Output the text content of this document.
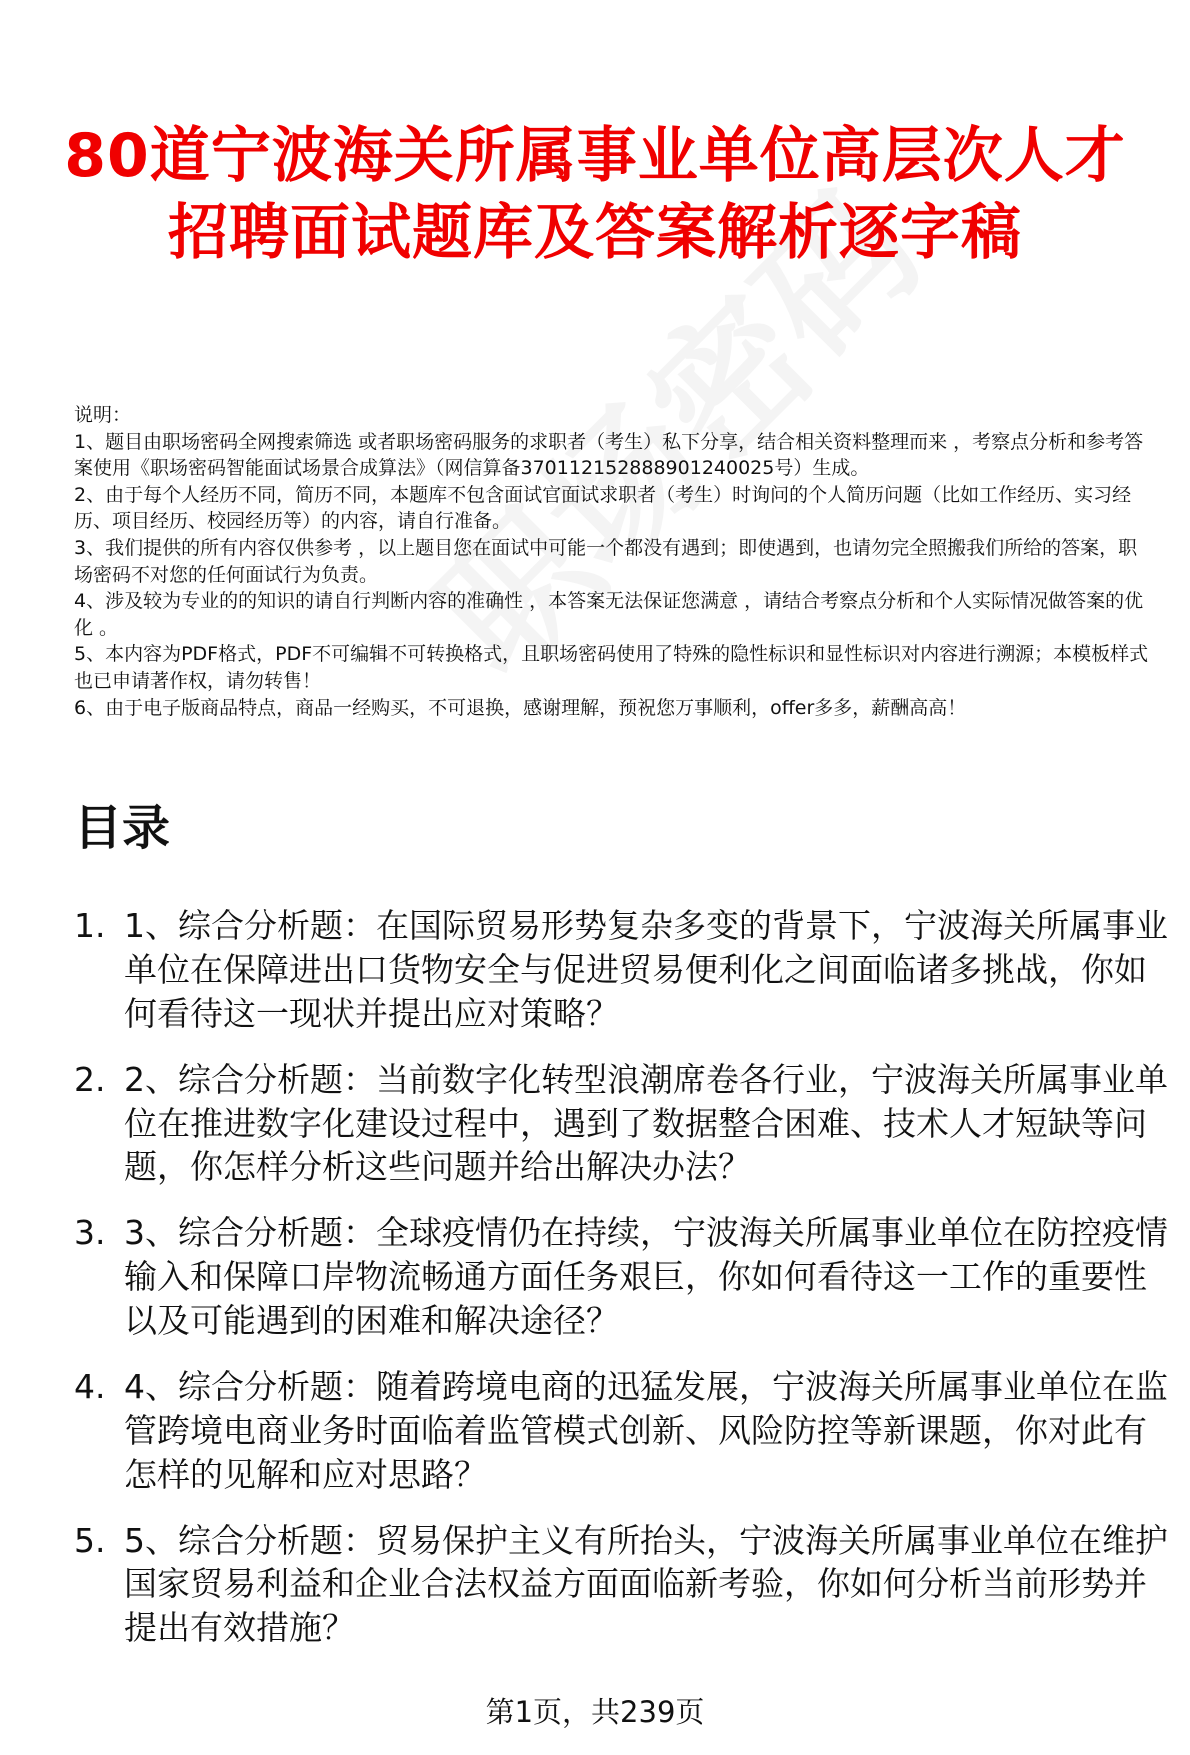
80道宁波海关所属事业单位高层次人才招聘面试题库及答案解析逐字稿

说明：

1、题目由职场密码全网搜索筛选 或者职场密码服务的求职者（考生）私下分享，结合相关资料整理而来 ，考察点分析和参考答案使用《职场密码智能面试场景合成算法》（网信算备370112152888901240025号）生成。

2、由于每个人经历不同，简历不同，本题库不包含面试官面试求职者（考生）时询问的个人简历问题（比如工作经历、实习经历、项目经历、校园经历等）的内容，请自行准备。

3、我们提供的所有内容仅供参考 ，以上题目您在面试中可能一个都没有遇到；即使遇到，也请勿完全照搬我们所给的答案，职场密码不对您的任何面试行为负责。

4、涉及较为专业的的知识的请自行判断内容的准确性 ，本答案无法保证您满意 ，请结合考察点分析和个人实际情况做答案的优化 。

5、本内容为PDF格式，PDF不可编辑不可转换格式，且职场密码使用了特殊的隐性标识和显性标识对内容进行溯源；本模板样式也已申请著作权，请勿转售！

6、由于电子版商品特点，商品一经购买，不可退换，感谢理解，预祝您万事顺利，offer多多，薪酬高高！

目录
1. 1、综合分析题：在国际贸易形势复杂多变的背景下，宁波海关所属事业单位在保障进出口货物安全与促进贸易便利化之间面临诸多挑战，你如何看待这一现状并提出应对策略？
2. 2、综合分析题：当前数字化转型浪潮席卷各行业，宁波海关所属事业单位在推进数字化建设过程中，遇到了数据整合困难、技术人才短缺等问题，你怎样分析这些问题并给出解决办法？
3. 3、综合分析题：全球疫情仍在持续，宁波海关所属事业单位在防控疫情输入和保障口岸物流畅通方面任务艰巨，你如何看待这一工作的重要性以及可能遇到的困难和解决途径？
4. 4、综合分析题：随着跨境电商的迅猛发展，宁波海关所属事业单位在监管跨境电商业务时面临着监管模式创新、风险防控等新课题，你对此有怎样的见解和应对思路？
5. 5、综合分析题：贸易保护主义有所抬头，宁波海关所属事业单位在维护国家贸易利益和企业合法权益方面面临新考验，你如何分析当前形势并提出有效措施？
第1页，共239页
